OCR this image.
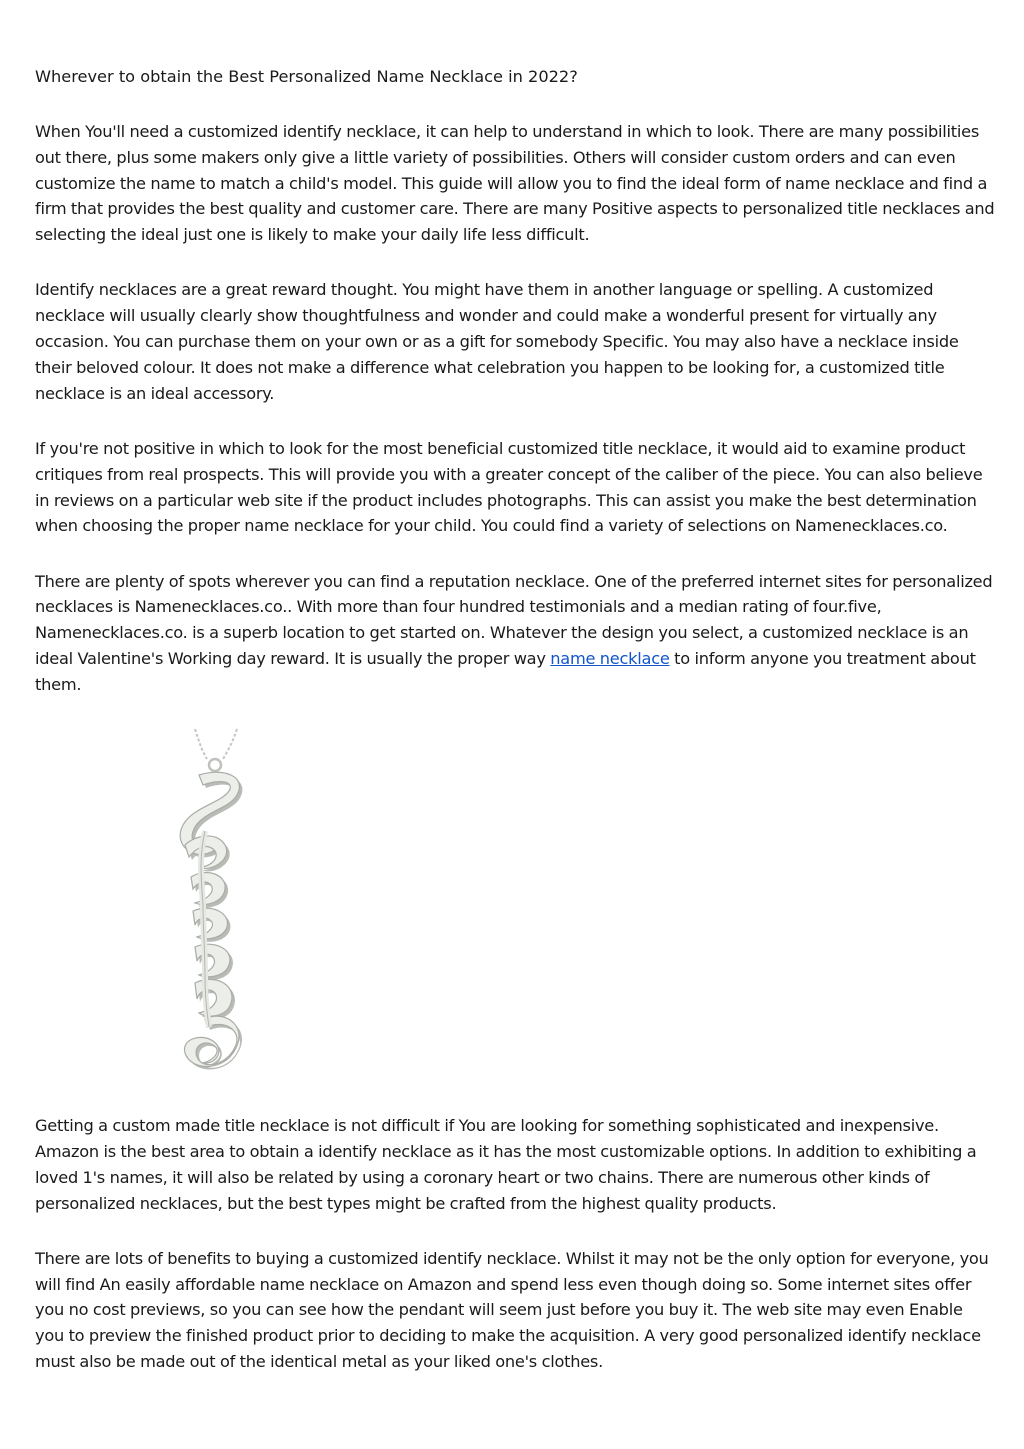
Wherever to obtain the Best Personalized Name Necklace in 2022?

When You'll need a customized identify necklace, it can help to understand in which to look. There are many possibilities out there, plus some makers only give a little variety of possibilities. Others will consider custom orders and can even customize the name to match a child's model. This guide will allow you to find the ideal form of name necklace and find a firm that provides the best quality and customer care. There are many Positive aspects to personalized title necklaces and selecting the ideal just one is likely to make your daily life less difficult.

Identify necklaces are a great reward thought. You might have them in another language or spelling. A customized necklace will usually clearly show thoughtfulness and wonder and could make a wonderful present for virtually any occasion. You can purchase them on your own or as a gift for somebody Specific. You may also have a necklace inside their beloved colour. It does not make a difference what celebration you happen to be looking for, a customized title necklace is an ideal accessory.

If you're not positive in which to look for the most beneficial customized title necklace, it would aid to examine product critiques from real prospects. This will provide you with a greater concept of the caliber of the piece. You can also believe in reviews on a particular web site if the product includes photographs. This can assist you make the best determination when choosing the proper name necklace for your child. You could find a variety of selections on Namenecklaces.co.

There are plenty of spots wherever you can find a reputation necklace. One of the preferred internet sites for personalized necklaces is Namenecklaces.co.. With more than four hundred testimonials and a median rating of four.five, Namenecklaces.co. is a superb location to get started on. Whatever the design you select, a customized necklace is an ideal Valentine's Working day reward. It is usually the proper way name necklace to inform anyone you treatment about them.

Getting a custom made title necklace is not difficult if You are looking for something sophisticated and inexpensive. Amazon is the best area to obtain a identify necklace as it has the most customizable options. In addition to exhibiting a loved 1's names, it will also be related by using a coronary heart or two chains. There are numerous other kinds of personalized necklaces, but the best types might be crafted from the highest quality products.

There are lots of benefits to buying a customized identify necklace. Whilst it may not be the only option for everyone, you will find An easily affordable name necklace on Amazon and spend less even though doing so. Some internet sites offer you no cost previews, so you can see how the pendant will seem just before you buy it. The web site may even Enable you to preview the finished product prior to deciding to make the acquisition. A very good personalized identify necklace must also be made out of the identical metal as your liked one's clothes.
